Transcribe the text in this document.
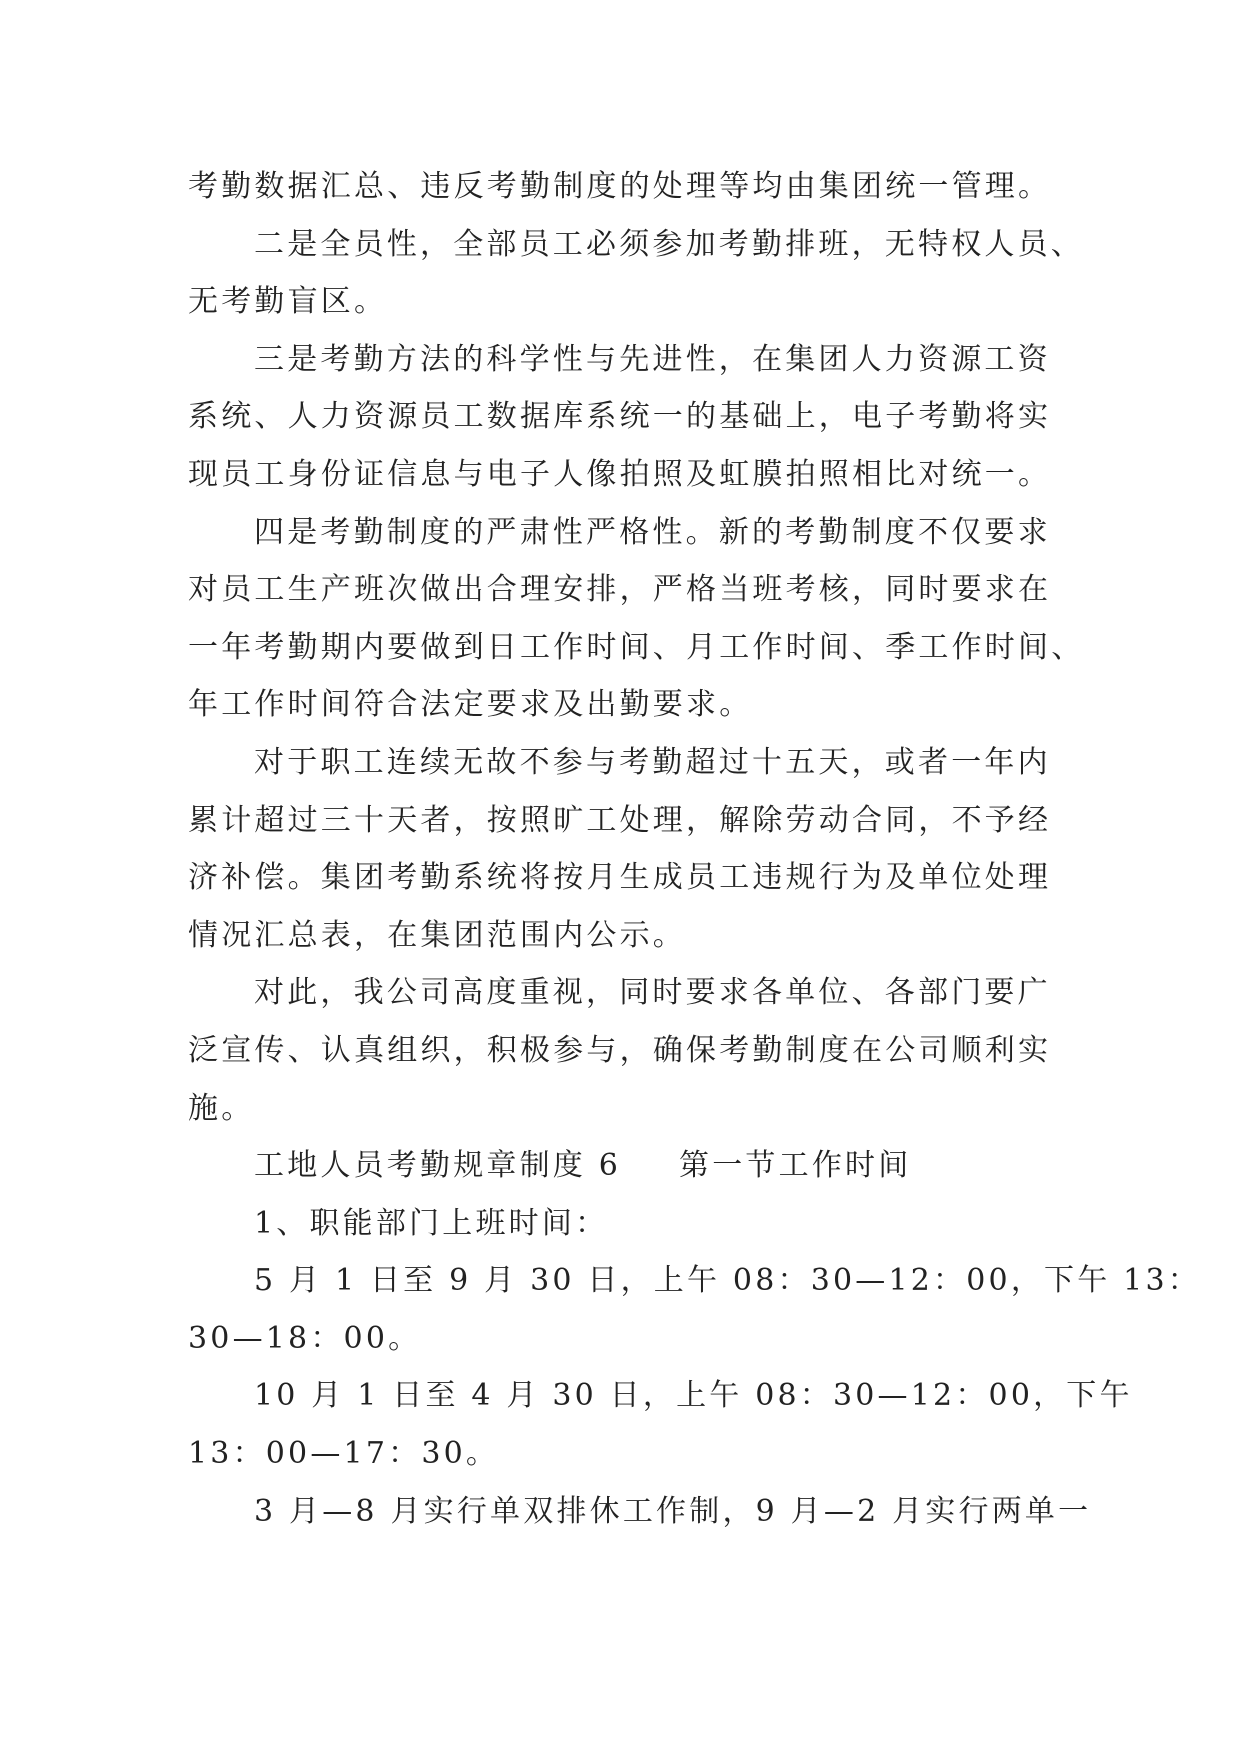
考勤数据汇总、违反考勤制度的处理等均由集团统一管理。
二是全员性，全部员工必须参加考勤排班，无特权人员、
无考勤盲区。
三是考勤方法的科学性与先进性，在集团人力资源工资
系统、人力资源员工数据库系统一的基础上，电子考勤将实
现员工身份证信息与电子人像拍照及虹膜拍照相比对统一。
四是考勤制度的严肃性严格性。新的考勤制度不仅要求
对员工生产班次做出合理安排，严格当班考核，同时要求在
一年考勤期内要做到日工作时间、月工作时间、季工作时间、
年工作时间符合法定要求及出勤要求。
对于职工连续无故不参与考勤超过十五天，或者一年内
累计超过三十天者，按照旷工处理，解除劳动合同，不予经
济补偿。集团考勤系统将按月生成员工违规行为及单位处理
情况汇总表，在集团范围内公示。
对此，我公司高度重视，同时要求各单位、各部门要广
泛宣传、认真组织，积极参与，确保考勤制度在公司顺利实
施。
工地人员考勤规章制度 6 第一节工作时间
1、职能部门上班时间：
5 月 1 日至 9 月 30 日，上午 08：30—12：00，下午 13：
30—18：00。
10 月 1 日至 4 月 30 日，上午 08：30—12：00，下午
13：00—17：30。
3 月—8 月实行单双排休工作制，9 月—2 月实行两单一
